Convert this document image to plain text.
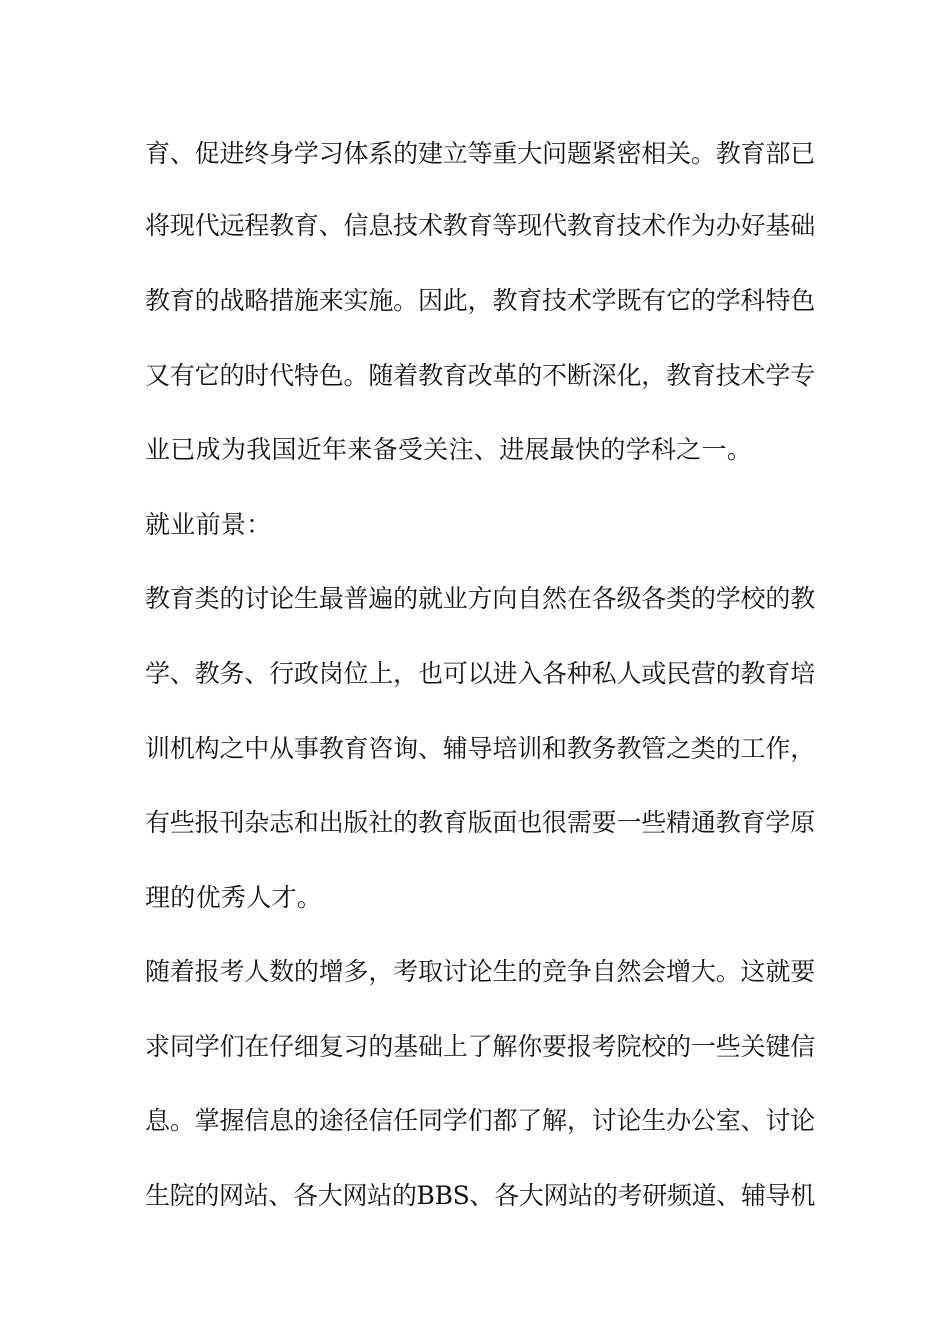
育、促进终身学习体系的建立等重大问题紧密相关。教育部已
将现代远程教育、信息技术教育等现代教育技术作为办好基础
教育的战略措施来实施。因此，教育技术学既有它的学科特色
又有它的时代特色。随着教育改革的不断深化，教育技术学专
业已成为我国近年来备受关注、进展最快的学科之一。
就业前景：
教育类的讨论生最普遍的就业方向自然在各级各类的学校的教
学、教务、行政岗位上，也可以进入各种私人或民营的教育培
训机构之中从事教育咨询、辅导培训和教务教管之类的工作，
有些报刊杂志和出版社的教育版面也很需要一些精通教育学原
理的优秀人才。
随着报考人数的增多，考取讨论生的竞争自然会增大。这就要
求同学们在仔细复习的基础上了解你要报考院校的一些关键信
息。掌握信息的途径信任同学们都了解，讨论生办公室、讨论
生院的网站、各大网站的BBS、各大网站的考研频道、辅导机
